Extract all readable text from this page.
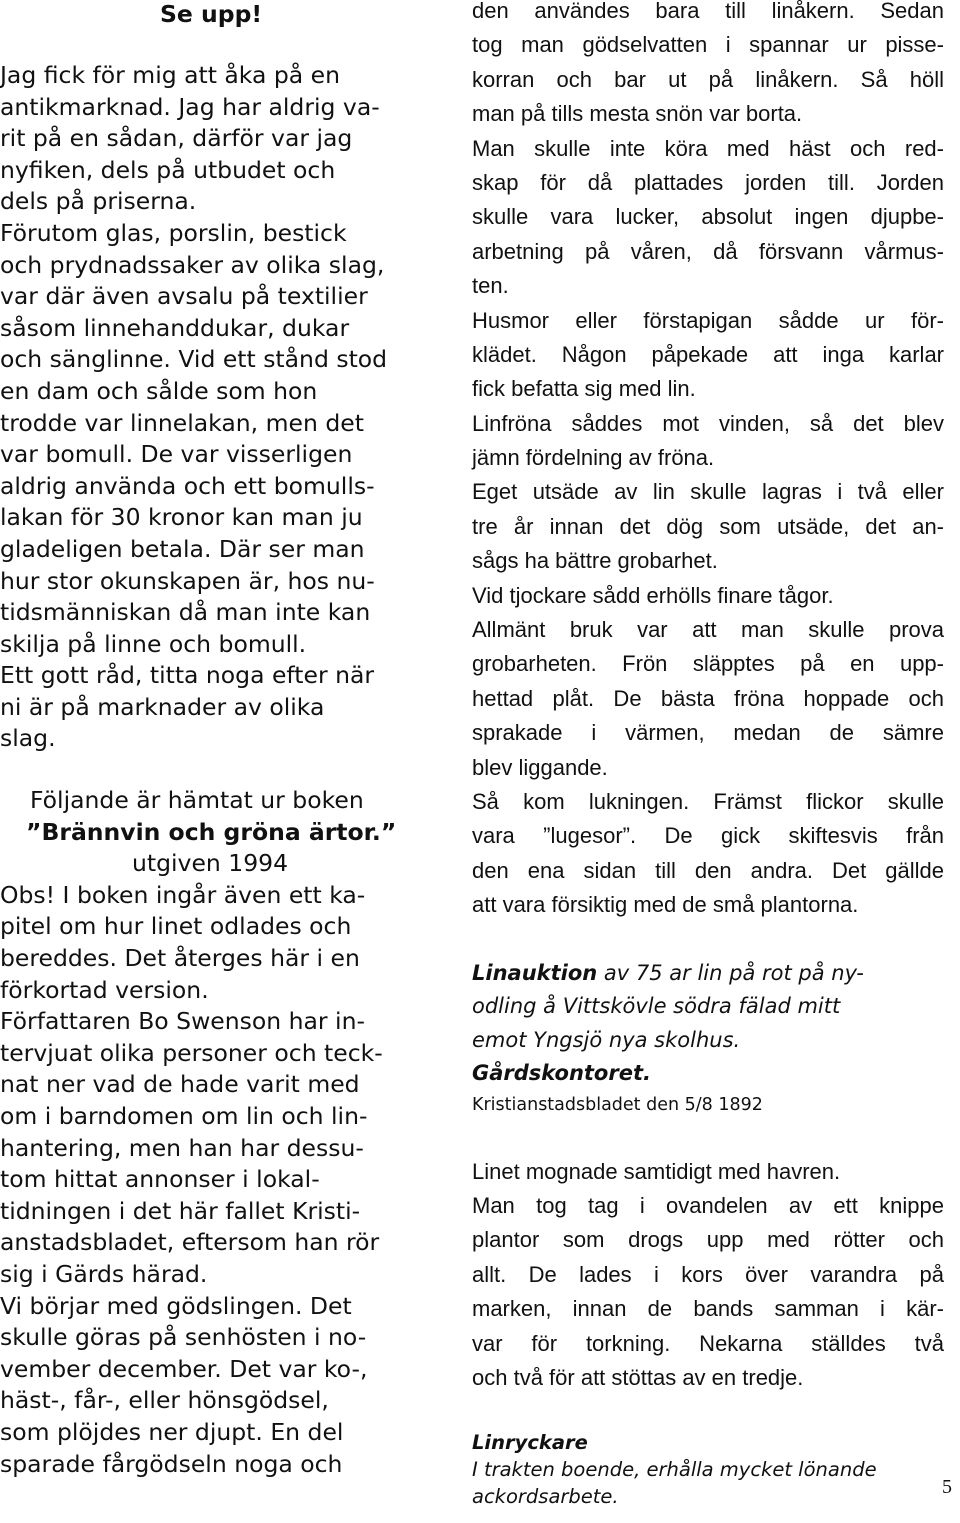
Se upp!
Jag fick för mig att åka på en
antikmarknad. Jag har aldrig va-
rit på en sådan, därför var jag
nyfiken, dels på utbudet och
dels på priserna.
Förutom glas, porslin, bestick
och prydnadssaker av olika slag,
var där även avsalu på textilier
såsom linnehanddukar, dukar
och sänglinne. Vid ett stånd stod
en dam och sålde som hon
trodde var linnelakan, men det
var bomull. De var visserligen
aldrig använda och ett bomulls-
lakan för 30 kronor kan man ju
gladeligen betala. Där ser man
hur stor okunskapen är, hos nu-
tidsmänniskan då man inte kan
skilja på linne och bomull.
Ett gott råd, titta noga efter när
ni är på marknader av olika
slag.
Följande är hämtat ur boken
”Brännvin och gröna ärtor.”
utgiven 1994
Obs! I boken ingår även ett ka-
pitel om hur linet odlades och
bereddes. Det återges här i en
förkortad version.
Författaren Bo Swenson har in-
tervjuat olika personer och teck-
nat ner vad de hade varit med
om i barndomen om lin och lin-
hantering, men han har dessu-
tom hittat annonser i lokal-
tidningen i det här fallet Kristi-
anstadsbladet, eftersom han rör
sig i Gärds härad.
Vi börjar med gödslingen. Det
skulle göras på senhösten i no-
vember december. Det var ko-,
häst-, får-, eller hönsgödsel,
som plöjdes ner djupt. En del
sparade fårgödseln noga och
den användes bara till linåkern. Sedan
tog man gödselvatten i spannar ur pisse-
korran och bar ut på linåkern. Så höll
man på tills mesta snön var borta.
Man skulle inte köra med häst och red-
skap för då plattades jorden till. Jorden
skulle vara lucker, absolut ingen djupbe-
arbetning på våren, då försvann vårmus-
ten.
Husmor eller förstapigan sådde ur för-
klädet. Någon påpekade att inga karlar
fick befatta sig med lin.
Linfröna såddes mot vinden, så det blev
jämn fördelning av fröna.
Eget utsäde av lin skulle lagras i två eller
tre år innan det dög som utsäde, det an-
sågs ha bättre grobarhet.
Vid tjockare sådd erhölls finare tågor.
Allmänt bruk var att man skulle prova
grobarheten. Frön släpptes på en upp-
hettad plåt. De bästa fröna hoppade och
sprakade i värmen, medan de sämre
blev liggande.
Så kom lukningen. Främst flickor skulle
vara ”lugesor”. De gick skiftesvis från
den ena sidan till den andra. Det gällde
att vara försiktig med de små plantorna.
Linauktion av 75 ar lin på rot på ny-
odling å Vittskövle södra fälad mitt
emot Yngsjö nya skolhus.
Gårdskontoret.
Kristianstadsbladet den 5/8 1892
Linet mognade samtidigt med havren.
Man tog tag i ovandelen av ett knippe
plantor som drogs upp med rötter och
allt. De lades i kors över varandra på
marken, innan de bands samman i kär-
var för torkning. Nekarna ställdes två
och två för att stöttas av en tredje.
Linryckare
I trakten boende, erhålla mycket lönande
ackordsarbete.	5
